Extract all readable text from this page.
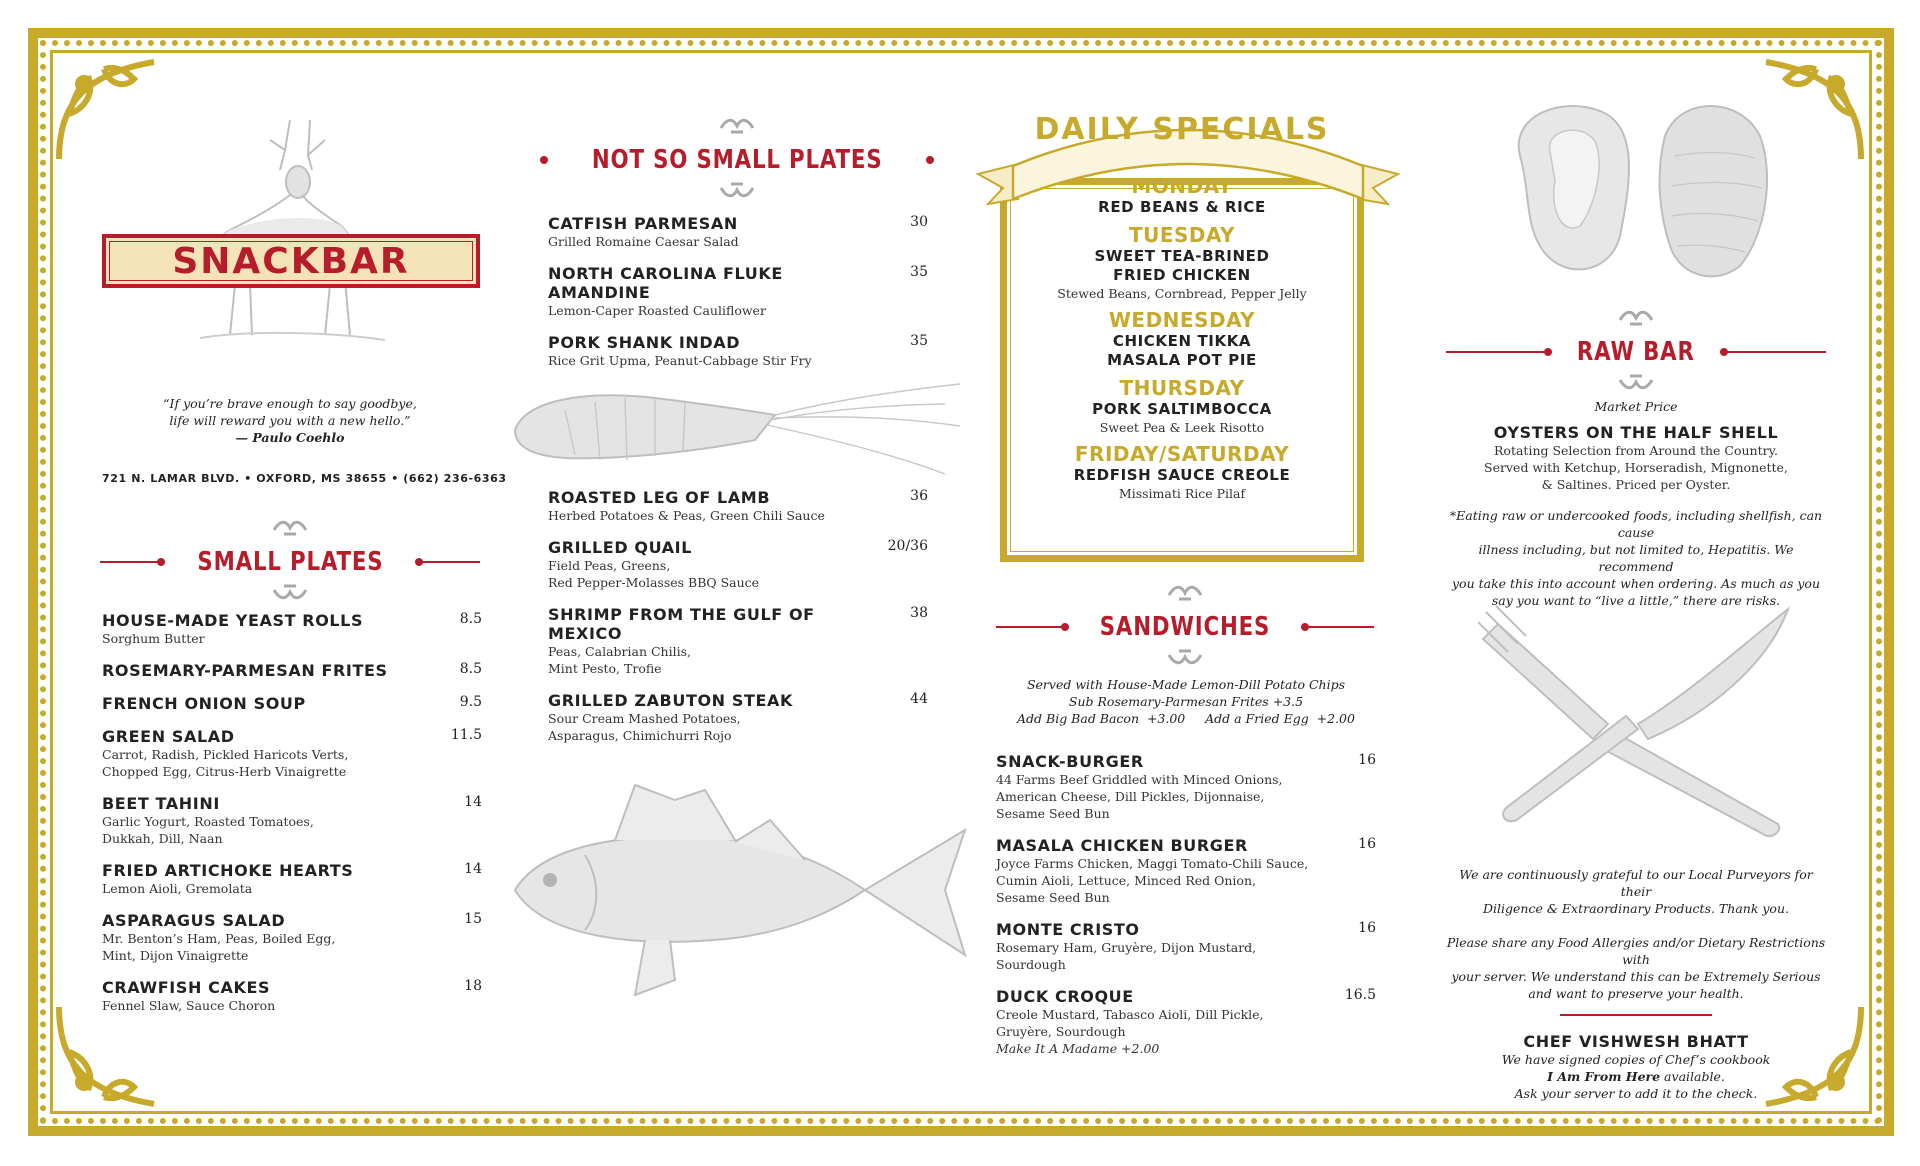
SNACKBAR
“If you’re brave enough to say goodbye,
life will reward you with a new hello.”
— Paulo Coehlo
721 N. LAMAR BLVD. • OXFORD, MS 38655 • (662) 236-6363
SMALL PLATES
HOUSE-MADE YEAST ROLLS
Sorghum Butter
8.5
ROSEMARY-PARMESAN FRITES	8.5
FRENCH ONION SOUP	9.5
GREEN SALAD
Carrot, Radish, Pickled Haricots Verts,
Chopped Egg, Citrus-Herb Vinaigrette
11.5
BEET TAHINI
Garlic Yogurt, Roasted Tomatoes,
Dukkah, Dill, Naan
14
FRIED ARTICHOKE HEARTS
Lemon Aioli, Gremolata
14
ASPARAGUS SALAD
Mr. Benton’s Ham, Peas, Boiled Egg,
Mint, Dijon Vinaigrette
15
CRAWFISH CAKES
Fennel Slaw, Sauce Choron
18
NOT SO SMALL PLATES
CATFISH PARMESAN
Grilled Romaine Caesar Salad
30
NORTH CAROLINA FLUKE AMANDINE
Lemon-Caper Roasted Cauliflower
35
PORK SHANK INDAD
Rice Grit Upma, Peanut-Cabbage Stir Fry
35
ROASTED LEG OF LAMB
Herbed Potatoes & Peas, Green Chili Sauce
36
GRILLED QUAIL
Field Peas, Greens,
Red Pepper-Molasses BBQ Sauce
20/36
SHRIMP FROM THE GULF OF MEXICO
Peas, Calabrian Chilis,
Mint Pesto, Trofie
38
GRILLED ZABUTON STEAK
Sour Cream Mashed Potatoes,
Asparagus, Chimichurri Rojo
44
DAILY SPECIALS
MONDAY
RED BEANS & RICE
TUESDAY
SWEET TEA-BRINED
FRIED CHICKEN
Stewed Beans, Cornbread, Pepper Jelly
WEDNESDAY
CHICKEN TIKKA
MASALA POT PIE
THURSDAY
PORK SALTIMBOCCA
Sweet Pea & Leek Risotto
FRIDAY/SATURDAY
REDFISH SAUCE CREOLE
Missimati Rice Pilaf
SANDWICHES
Served with House-Made Lemon-Dill Potato Chips
Sub Rosemary-Parmesan Frites +3.5
Add Big Bad Bacon  +3.00     Add a Fried Egg  +2.00
SNACK-BURGER
44 Farms Beef Griddled with Minced Onions,
American Cheese, Dill Pickles, Dijonnaise,
Sesame Seed Bun
16
MASALA CHICKEN BURGER
Joyce Farms Chicken, Maggi Tomato-Chili Sauce,
Cumin Aioli, Lettuce, Minced Red Onion,
Sesame Seed Bun
16
MONTE CRISTO
Rosemary Ham, Gruyère, Dijon Mustard,
Sourdough
16
DUCK CROQUE
Creole Mustard, Tabasco Aioli, Dill Pickle,
Gruyère, Sourdough
Make It A Madame +2.00
16.5
RAW BAR
Market Price
OYSTERS ON THE HALF SHELL
Rotating Selection from Around the Country.
Served with Ketchup, Horseradish, Mignonette,
& Saltines. Priced per Oyster.
*Eating raw or undercooked foods, including shellfish, can cause
illness including, but not limited to, Hepatitis. We recommend
you take this into account when ordering. As much as you
say you want to “live a little,” there are risks.
We are continuously grateful to our Local Purveyors for their
Diligence & Extraordinary Products. Thank you.
Please share any Food Allergies and/or Dietary Restrictions with
your server. We understand this can be Extremely Serious
and want to preserve your health.
CHEF VISHWESH BHATT
We have signed copies of Chef’s cookbook
I Am From Here available.
Ask your server to add it to the check.
